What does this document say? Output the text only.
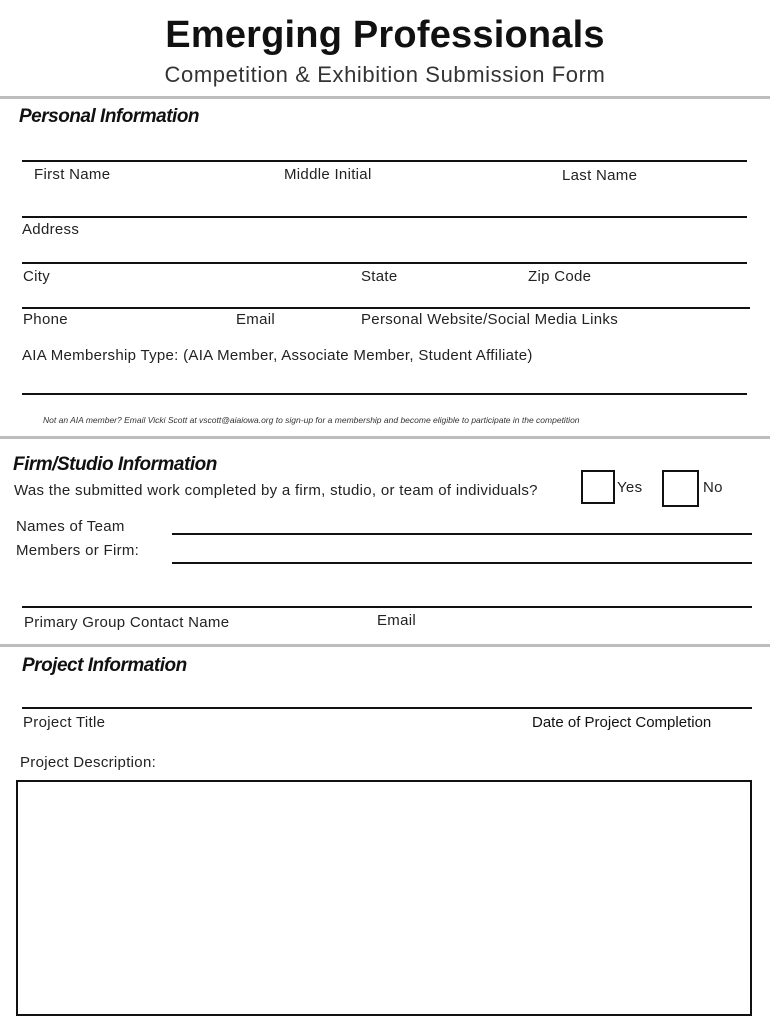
Emerging Professionals
Competition & Exhibition Submission Form
Personal Information
First Name	Middle Initial	Last Name
Address
City	State	Zip Code
Phone	Email	Personal Website/Social Media Links
AIA Membership Type: (AIA Member, Associate Member, Student Affiliate)
Not an AIA member? Email Vicki Scott at vscott@aiaiowa.org to sign-up for a membership and become eligible to participate in the competition
Firm/Studio Information
Was the submitted work completed by a firm, studio, or team of individuals?	Yes	No
Names of Team
Members or Firm:
Primary Group Contact Name	Email
Project Information
Project Title	Date of Project Completion
Project Description:
